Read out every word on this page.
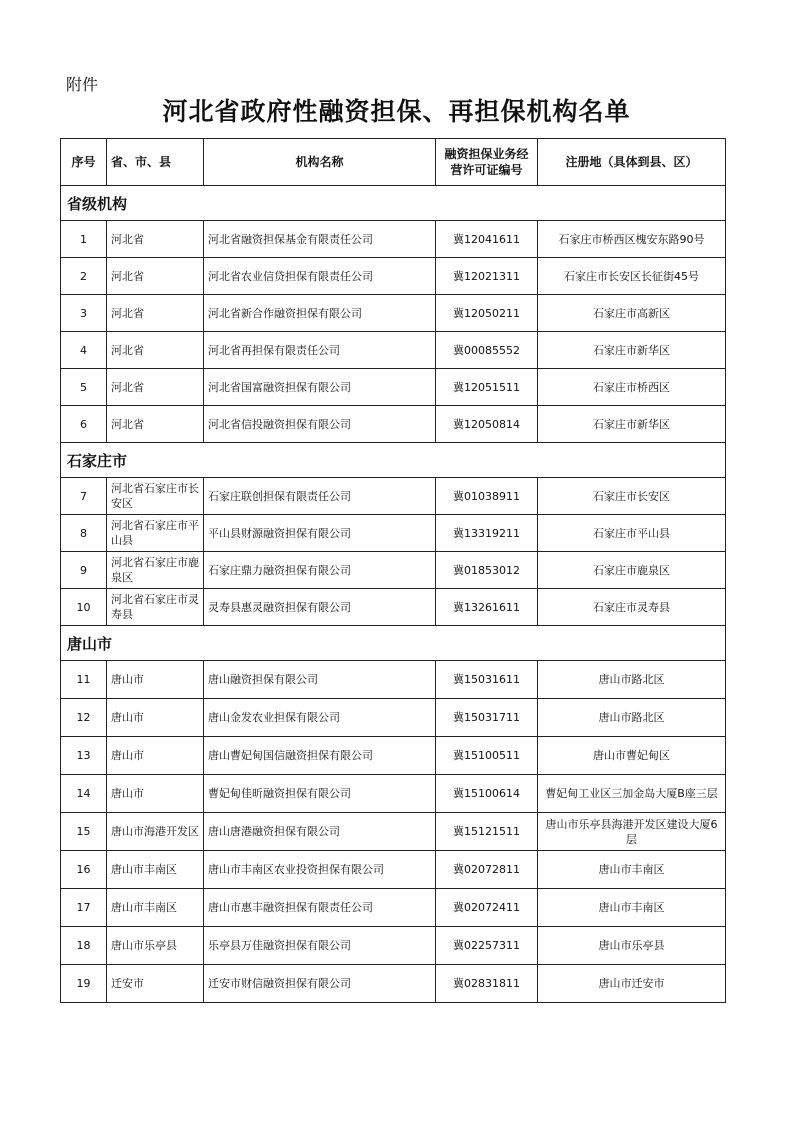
附件
河北省政府性融资担保、再担保机构名单
序号	省、市、县	机构名称	融资担保业务经营许可证编号	注册地（具体到县、区）
省级机构				
1	河北省	河北省融资担保基金有限责任公司	冀12041611	石家庄市桥西区槐安东路90号
2	河北省	河北省农业信贷担保有限责任公司	冀12021311	石家庄市长安区长征街45号
3	河北省	河北省新合作融资担保有限公司	冀12050211	石家庄市高新区
4	河北省	河北省再担保有限责任公司	冀00085552	石家庄市新华区
5	河北省	河北省国富融资担保有限公司	冀12051511	石家庄市桥西区
6	河北省	河北省信投融资担保有限公司	冀12050814	石家庄市新华区
石家庄市				
7	河北省石家庄市长安区	石家庄联创担保有限责任公司	冀01038911	石家庄市长安区
8	河北省石家庄市平山县	平山县财源融资担保有限公司	冀13319211	石家庄市平山县
9	河北省石家庄市鹿泉区	石家庄鼎力融资担保有限公司	冀01853012	石家庄市鹿泉区
10	河北省石家庄市灵寿县	灵寿县惠灵融资担保有限公司	冀13261611	石家庄市灵寿县
唐山市				
11	唐山市	唐山融资担保有限公司	冀15031611	唐山市路北区
12	唐山市	唐山金发农业担保有限公司	冀15031711	唐山市路北区
13	唐山市	唐山曹妃甸国信融资担保有限公司	冀15100511	唐山市曹妃甸区
14	唐山市	曹妃甸佳昕融资担保有限公司	冀15100614	曹妃甸工业区三加金岛大厦B座三层
15	唐山市海港开发区	唐山唐港融资担保有限公司	冀15121511	唐山市乐亭县海港开发区建设大厦6层
16	唐山市丰南区	唐山市丰南区农业投资担保有限公司	冀02072811	唐山市丰南区
17	唐山市丰南区	唐山市惠丰融资担保有限责任公司	冀02072411	唐山市丰南区
18	唐山市乐亭县	乐亭县万佳融资担保有限公司	冀02257311	唐山市乐亭县
19	迁安市	迁安市财信融资担保有限公司	冀02831811	唐山市迁安市
